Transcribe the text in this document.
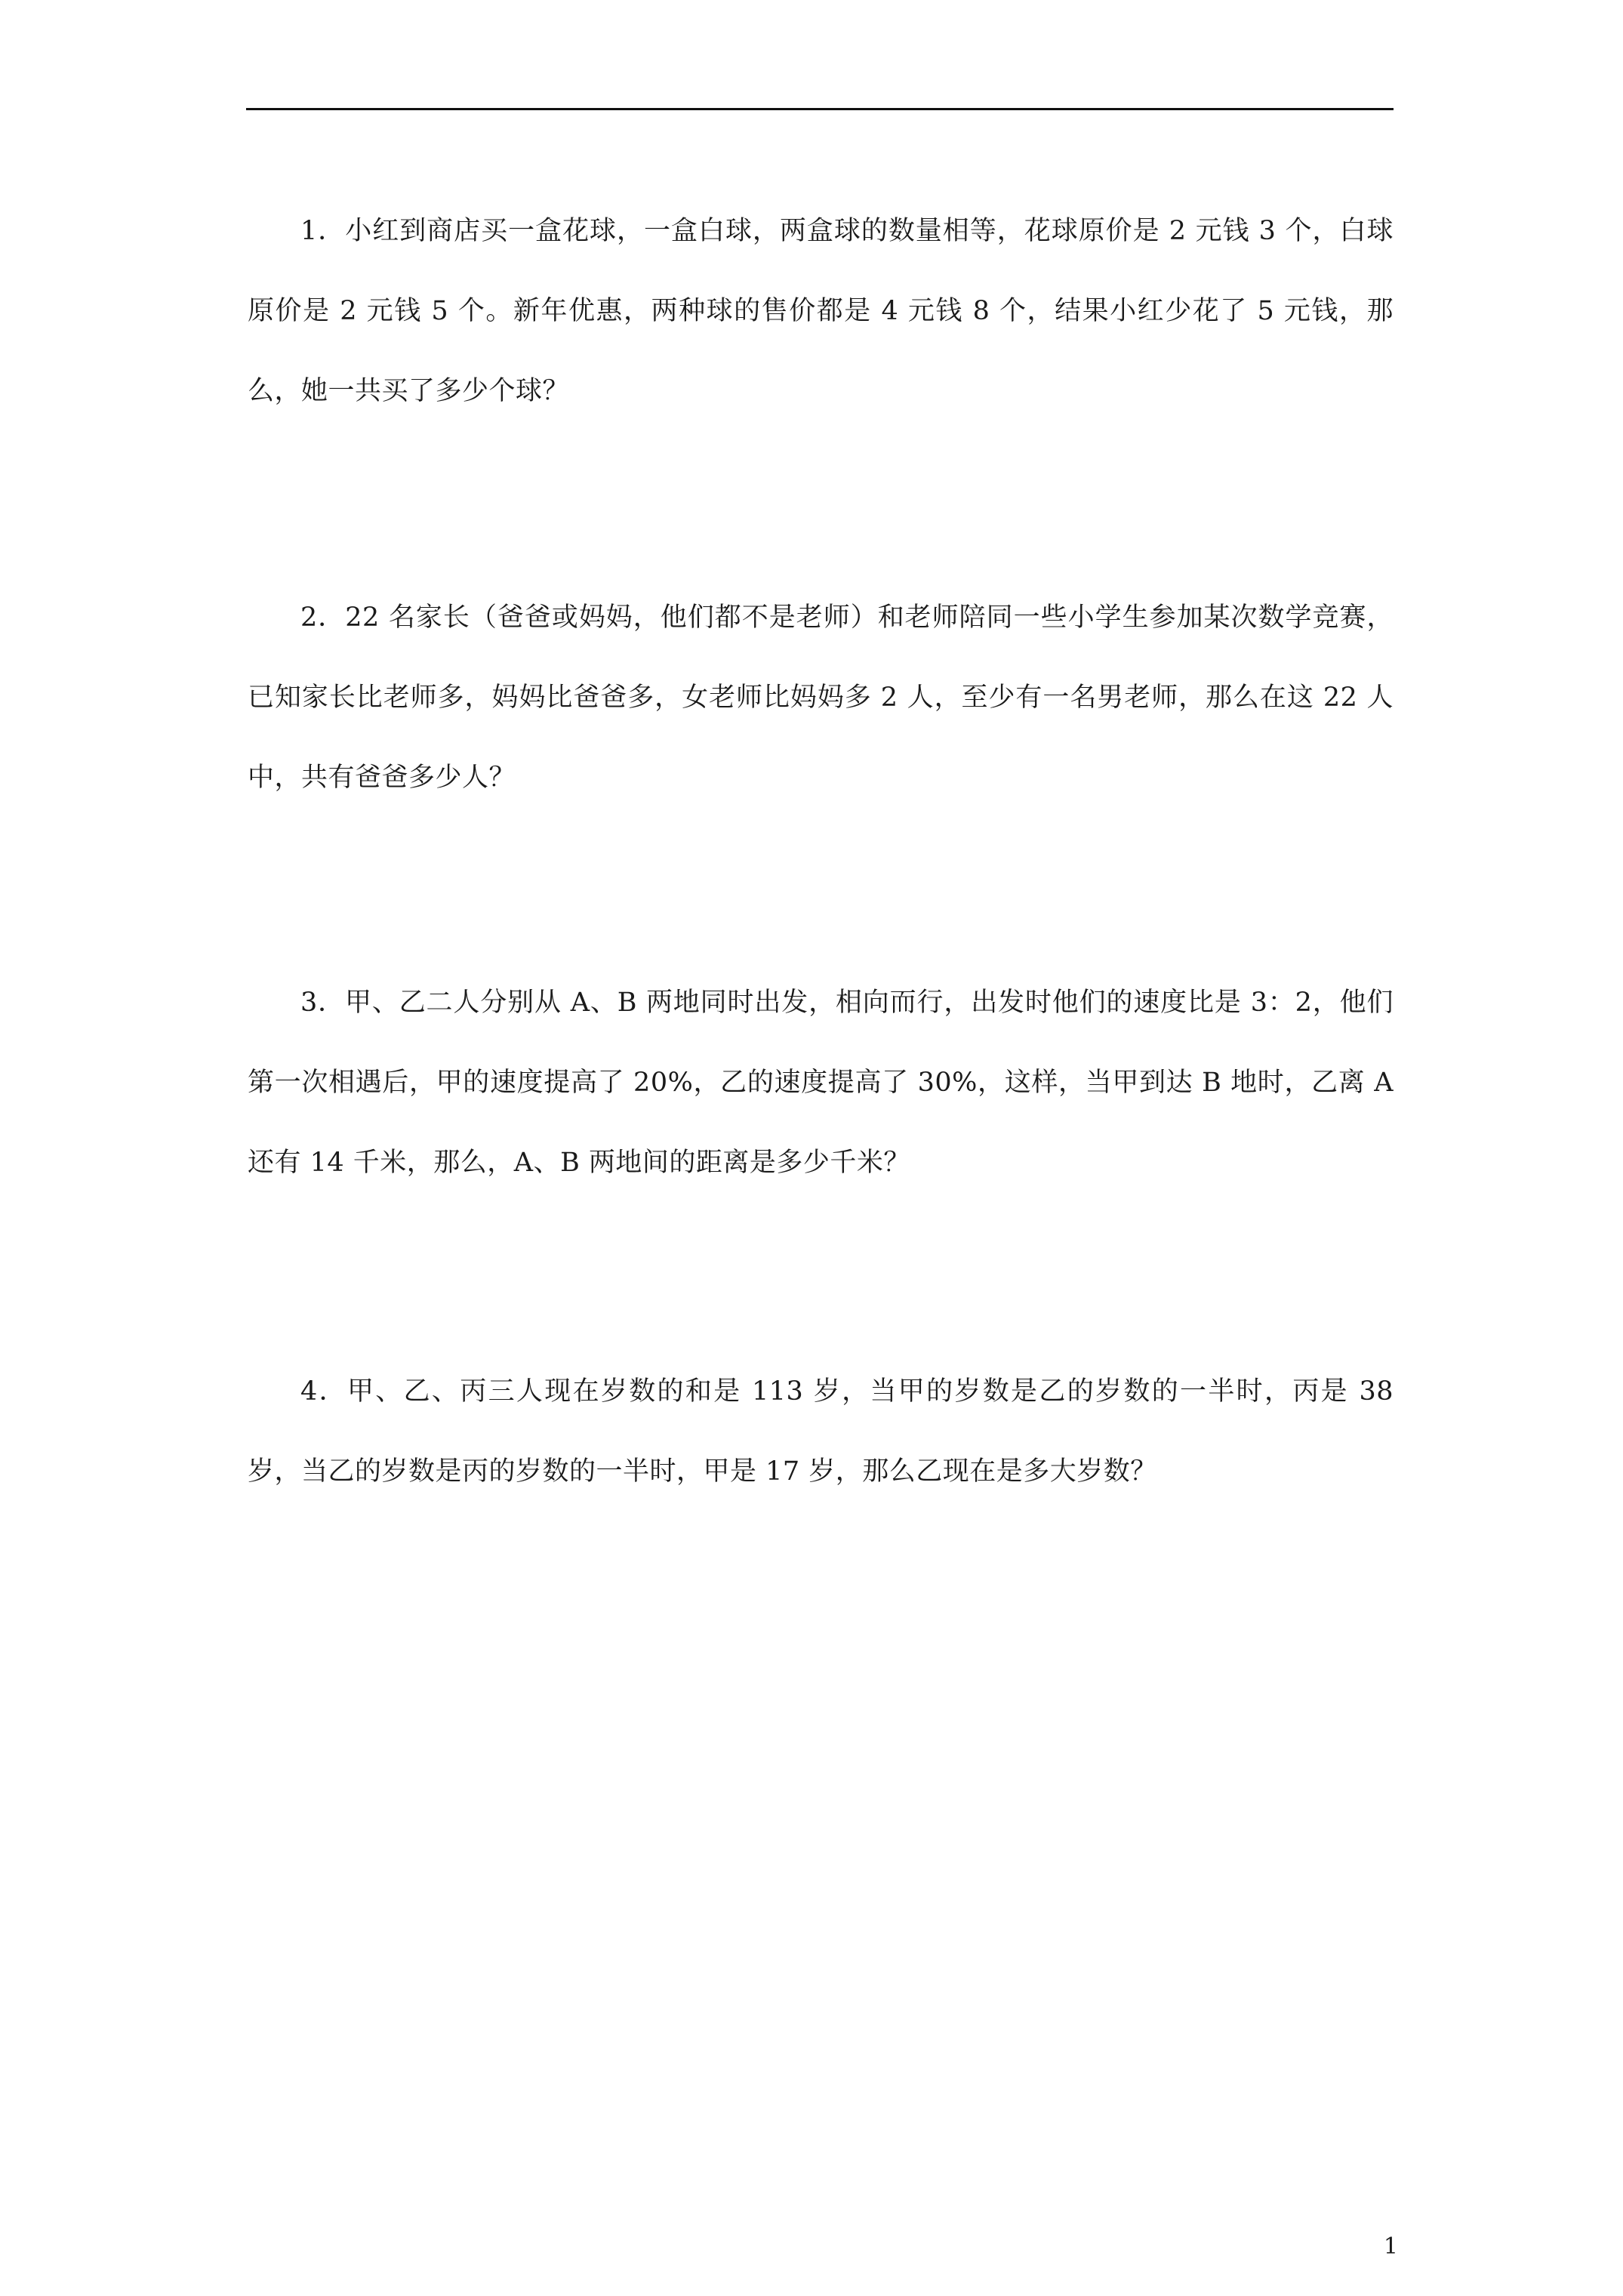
1．小红到商店买一盒花球，一盒白球，两盒球的数量相等，花球原价是 2 元钱 3 个，白球原价是 2 元钱 5 个。新年优惠，两种球的售价都是 4 元钱 8 个，结果小红少花了 5 元钱，那么，她一共买了多少个球？

2．22 名家长（爸爸或妈妈，他们都不是老师）和老师陪同一些小学生参加某次数学竞赛，已知家长比老师多，妈妈比爸爸多，女老师比妈妈多 2 人，至少有一名男老师，那么在这 22 人中，共有爸爸多少人？

3．甲、乙二人分别从 A、B 两地同时出发，相向而行，出发时他们的速度比是 3：2，他们第一次相遇后，甲的速度提高了 20%，乙的速度提高了 30%，这样，当甲到达 B 地时，乙离 A 还有 14 千米，那么，A、B 两地间的距离是多少千米？

4．甲、乙、丙三人现在岁数的和是 113 岁，当甲的岁数是乙的岁数的一半时，丙是 38 岁，当乙的岁数是丙的岁数的一半时，甲是 17 岁，那么乙现在是多大岁数？

1
